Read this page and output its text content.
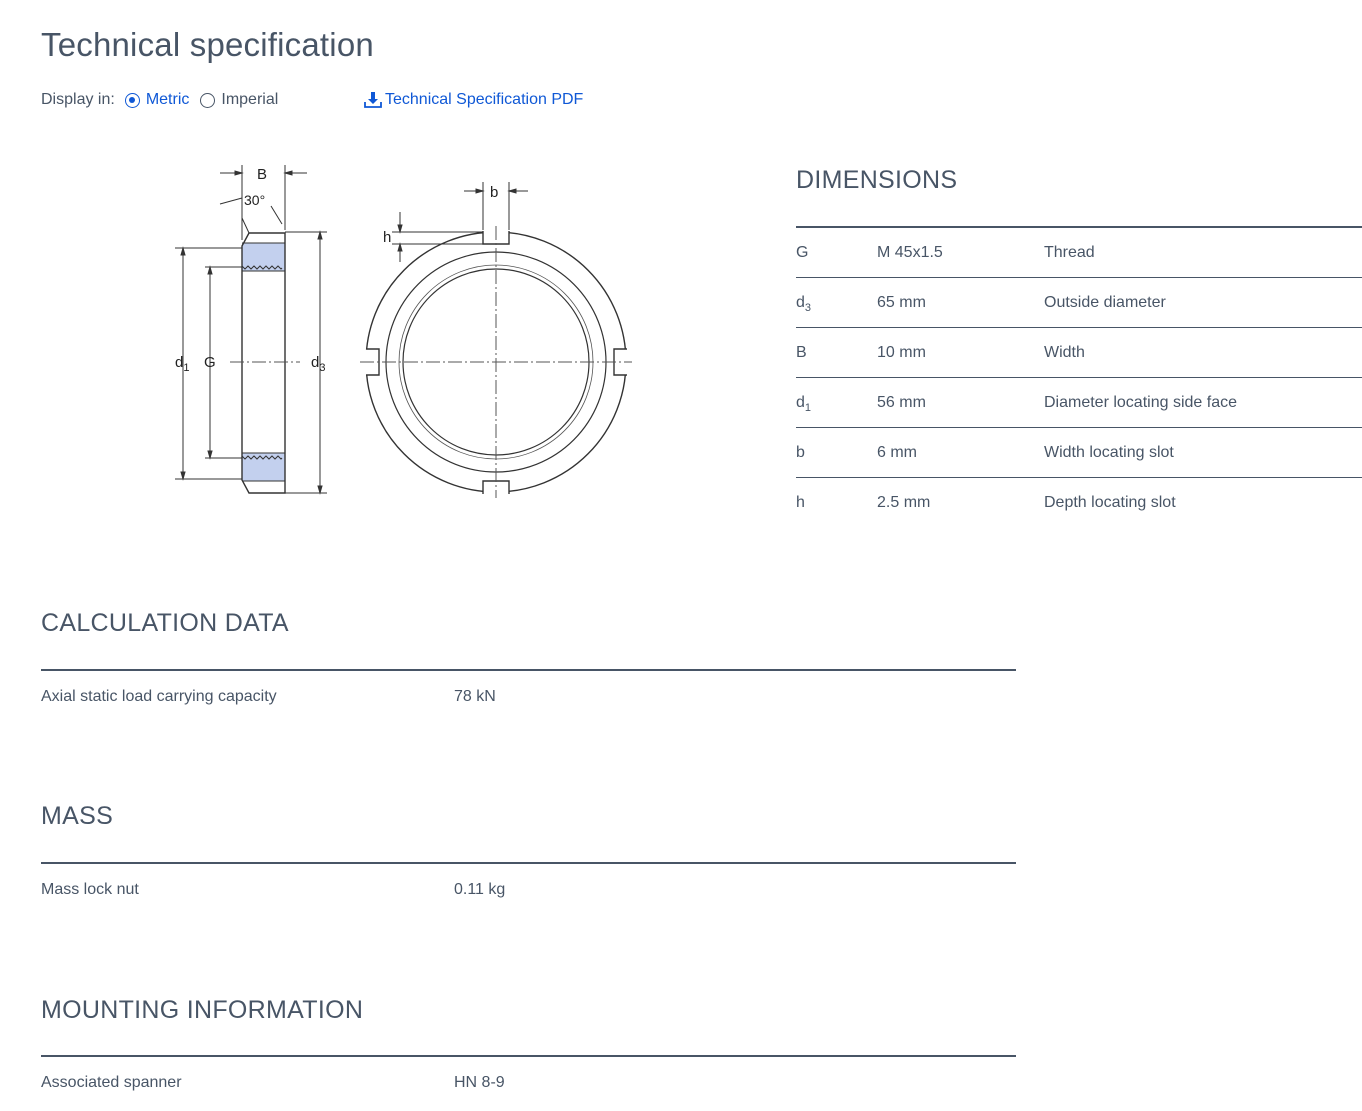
Technical specification
Display in: Metric Imperial	Technical Specification PDF
B
30°
$d_1$ G	$d_3$
b
h
DIMENSIONS
G	M 45x1.5	Thread
$d_3$	65 mm	Outside diameter
B	10 mm	Width
$d_1$	56 mm	Diameter locating side face
b	6 mm	Width locating slot
h	2.5 mm	Depth locating slot
CALCULATION DATA
Axial static load carrying capacity	78 kN
MASS
Mass lock nut	0.11 kg
MOUNTING INFORMATION
Associated spanner	HN 8-9
